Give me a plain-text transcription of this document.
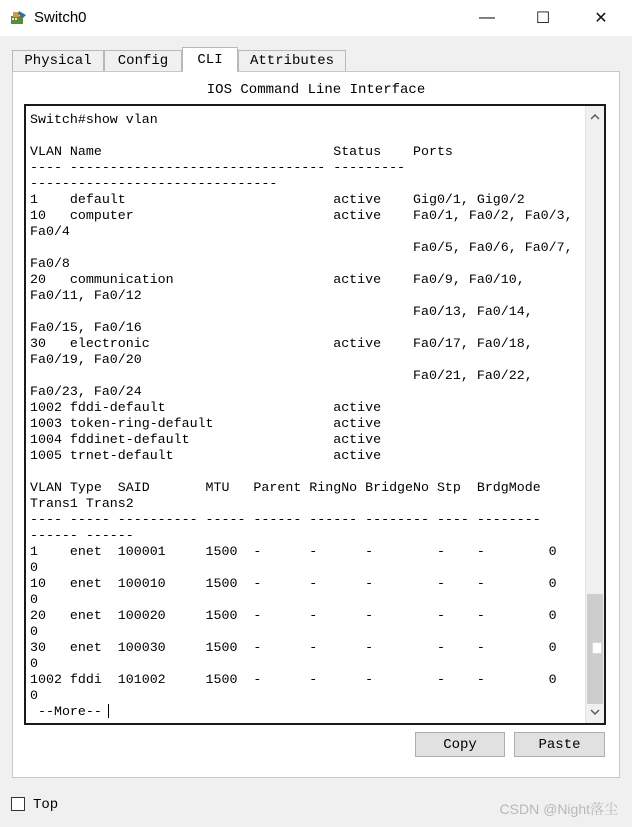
Switch0	—	☐	✕
Physical	Config	CLI	Attributes
IOS Command Line Interface
Switch#show vlan

VLAN Name                             Status    Ports
---- -------------------------------- ---------
-------------------------------
1    default                          active    Gig0/1, Gig0/2
10   computer                         active    Fa0/1, Fa0/2, Fa0/3,
Fa0/4
Fa0/5, Fa0/6, Fa0/7,
Fa0/8
20   communication                    active    Fa0/9, Fa0/10,
Fa0/11, Fa0/12
Fa0/13, Fa0/14,
Fa0/15, Fa0/16
30   electronic                       active    Fa0/17, Fa0/18,
Fa0/19, Fa0/20
Fa0/21, Fa0/22,
Fa0/23, Fa0/24
1002 fddi-default                     active
1003 token-ring-default               active
1004 fddinet-default                  active
1005 trnet-default                    active

VLAN Type  SAID       MTU   Parent RingNo BridgeNo Stp  BrdgMode
Trans1 Trans2
---- ----- ---------- ----- ------ ------ -------- ---- --------
------ ------
1    enet  100001     1500  -      -      -        -    -        0
0
10   enet  100010     1500  -      -      -        -    -        0
0
20   enet  100020     1500  -      -      -        -    -        0
0
30   enet  100030     1500  -      -      -        -    -        0
0
1002 fddi  101002     1500  -      -      -        -    -        0
0

--More--
Copy	Paste
Top	CSDN @Night落尘
